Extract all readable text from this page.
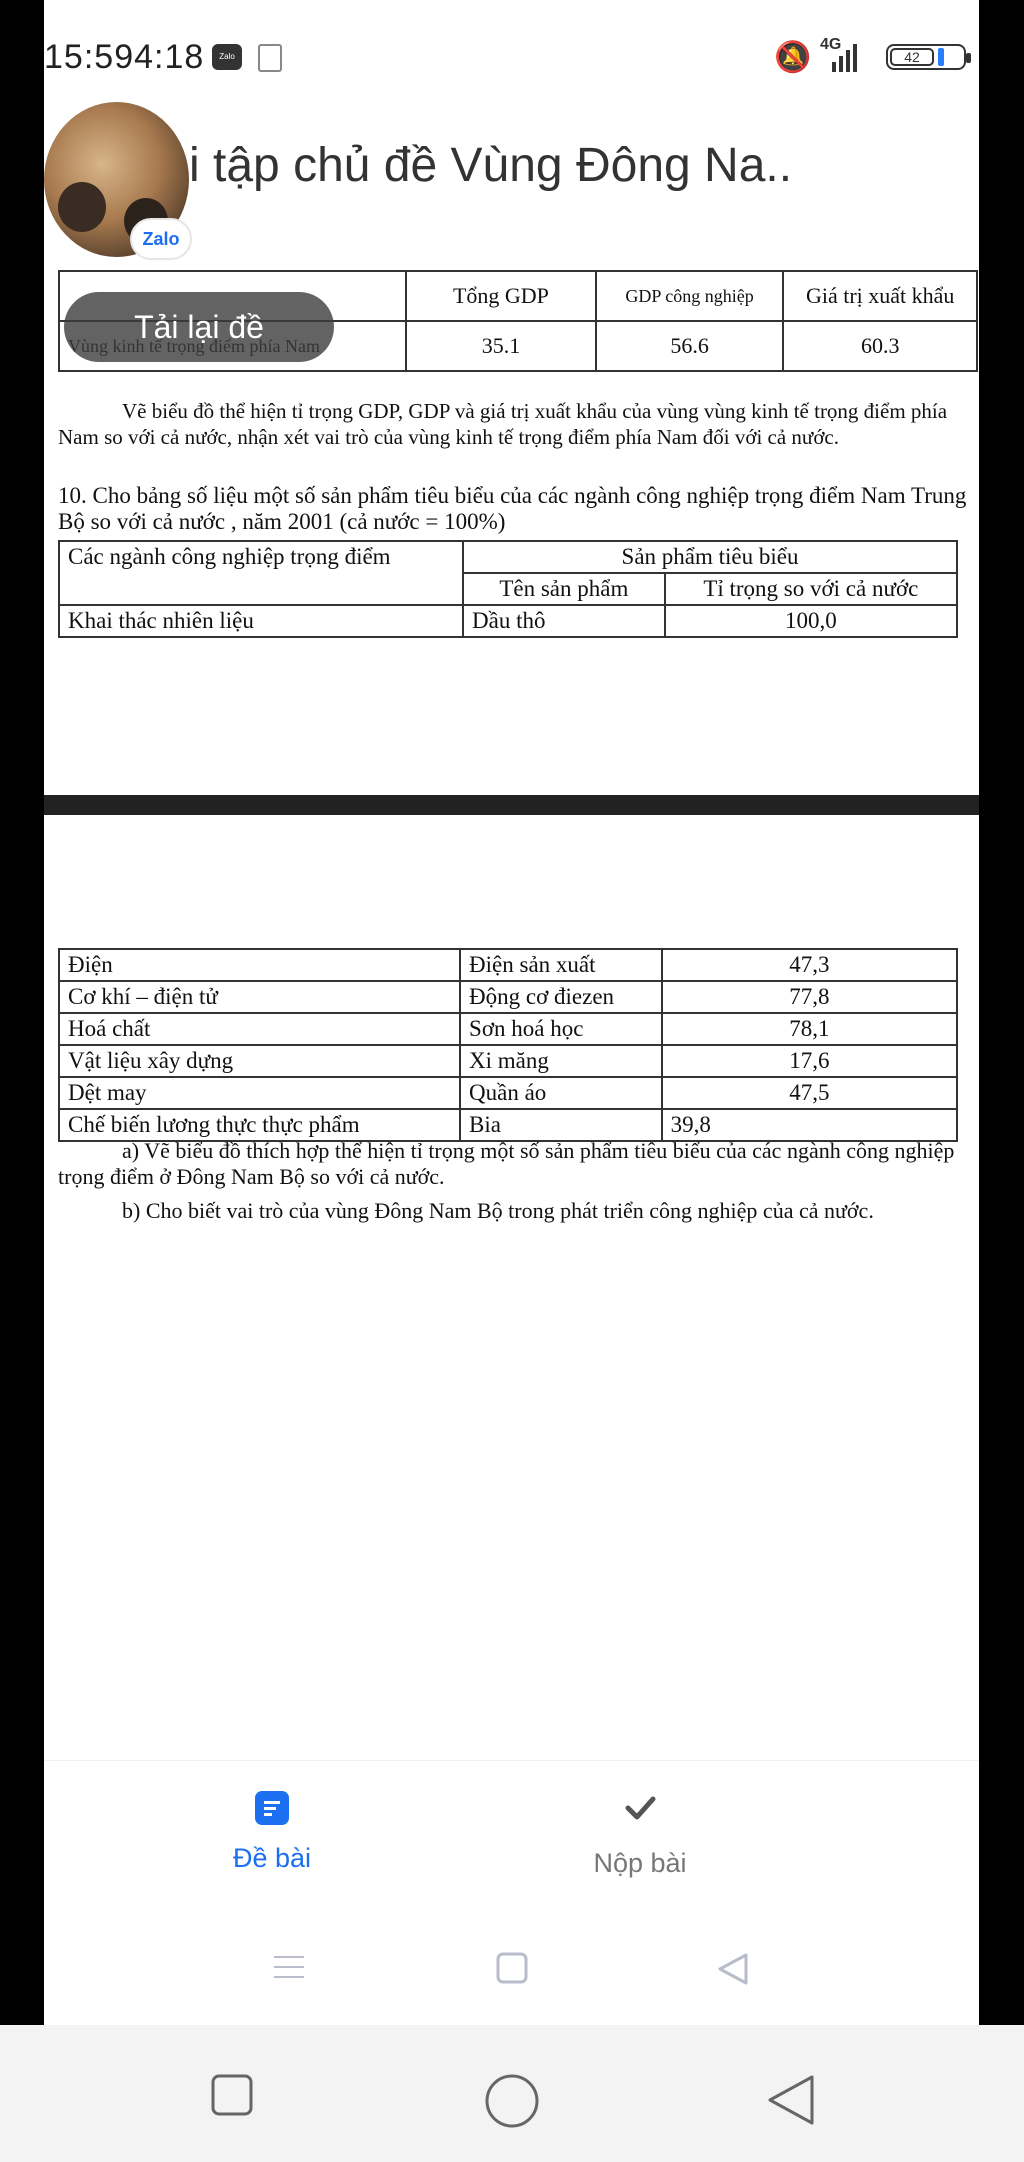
15:594:18	Zalo	🔕 4G
42
i tập chủ đề Vùng Đông Na..
	Tổng GDP	GDP công nghiệp	Giá trị xuất khẩu
	35.1	56.6	60.3
Vẽ biểu đồ thể hiện tỉ trọng GDP, GDP và giá trị xuất khẩu của vùng vùng kinh tế trọng điểm phía Nam so với cả nước, nhận xét vai trò của vùng kinh tế trọng điểm phía Nam đối với cả nước.
10. Cho bảng số liệu một số sản phẩm tiêu biểu của các ngành công nghiệp trọng điểm Nam Trung Bộ so với cả nước , năm 2001 (cả nước = 100%)
Các ngành công nghiệp trọng điểm	Sản phẩm tiêu biểu	
	Tên sản phẩm	Tỉ trọng so với cả nước
Khai thác nhiên liệu	Dầu thô	100,0
Điện	Điện sản xuất	47,3
Cơ khí – điện tử	Động cơ điezen	77,8
Hoá chất	Sơn hoá học	78,1
Vật liệu xây dựng	Xi măng	17,6
Dệt may	Quần áo	47,5
Chế biến lương thực thực phẩm	Bia	39,8
a) Vẽ biểu đồ thích hợp thể hiện tỉ trọng một số sản phẩm tiêu biểu của các ngành công nghiệp trọng điểm ở Đông Nam Bộ so với cả nước.
b) Cho biết vai trò của vùng Đông Nam Bộ trong phát triển công nghiệp của cả nước.
Zalo
Tải lại đề
Đề bài	Nộp bài
